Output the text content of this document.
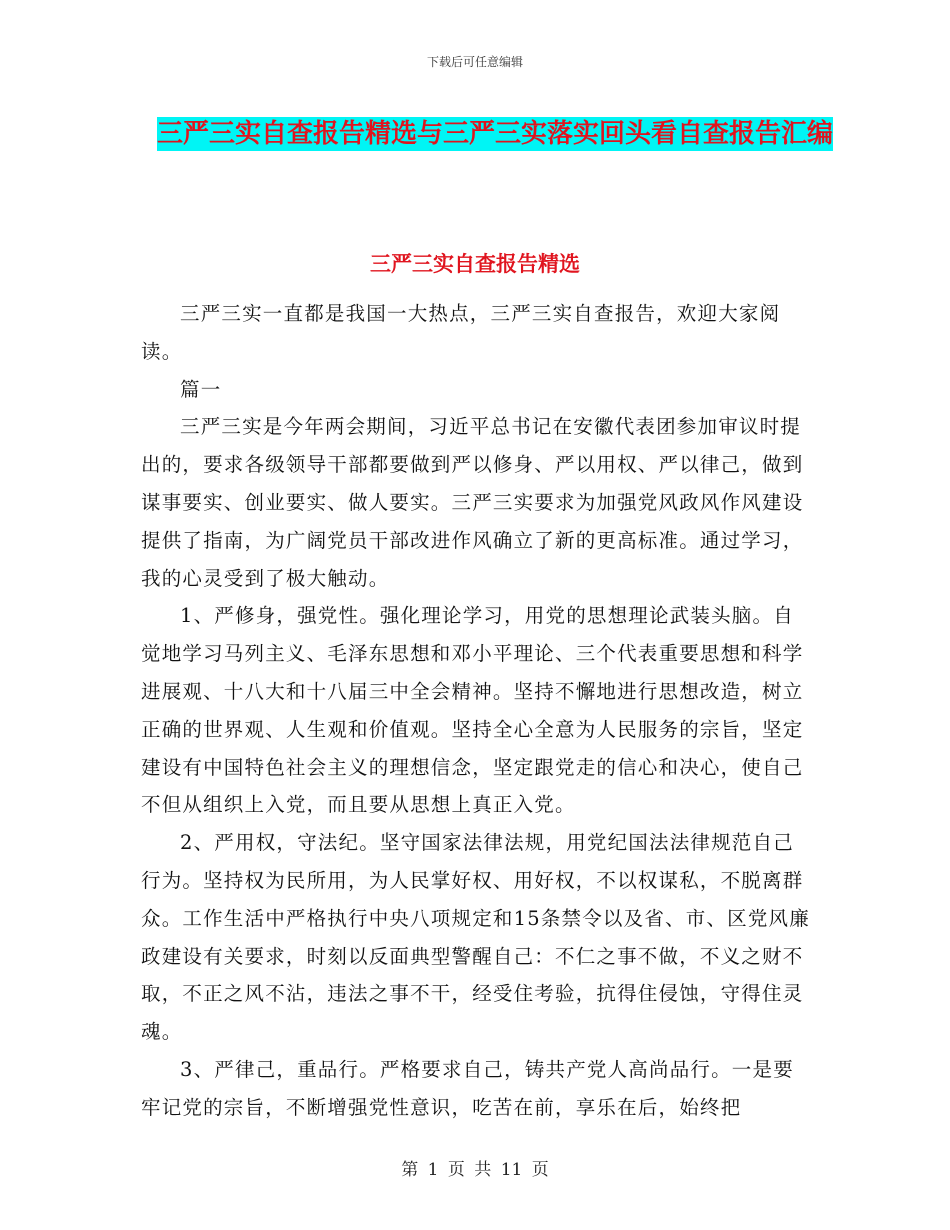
下载后可任意编辑
三严三实自查报告精选与三严三实落实回头看自查报告汇编
三严三实自查报告精选

三严三实一直都是我国一大热点，三严三实自查报告，欢迎大家阅读。

篇一

三严三实是今年两会期间，习近平总书记在安徽代表团参加审议时提出的，要求各级领导干部都要做到严以修身、严以用权、严以律己，做到谋事要实、创业要实、做人要实。三严三实要求为加强党风政风作风建设提供了指南，为广阔党员干部改进作风确立了新的更高标准。通过学习，我的心灵受到了极大触动。

1、严修身，强党性。强化理论学习，用党的思想理论武装头脑。自觉地学习马列主义、毛泽东思想和邓小平理论、三个代表重要思想和科学进展观、十八大和十八届三中全会精神。坚持不懈地进行思想改造，树立正确的世界观、人生观和价值观。坚持全心全意为人民服务的宗旨，坚定建设有中国特色社会主义的理想信念，坚定跟党走的信心和决心，使自己不但从组织上入党，而且要从思想上真正入党。

2、严用权，守法纪。坚守国家法律法规，用党纪国法法律规范自己行为。坚持权为民所用，为人民掌好权、用好权，不以权谋私，不脱离群众。工作生活中严格执行中央八项规定和15条禁令以及省、市、区党风廉政建设有关要求，时刻以反面典型警醒自己：不仁之事不做，不义之财不取，不正之风不沾，违法之事不干，经受住考验，抗得住侵蚀，守得住灵魂。

3、严律己，重品行。严格要求自己，铸共产党人高尚品行。一是要牢记党的宗旨，不断增强党性意识，吃苦在前，享乐在后，始终把

第 1 页 共 11 页
